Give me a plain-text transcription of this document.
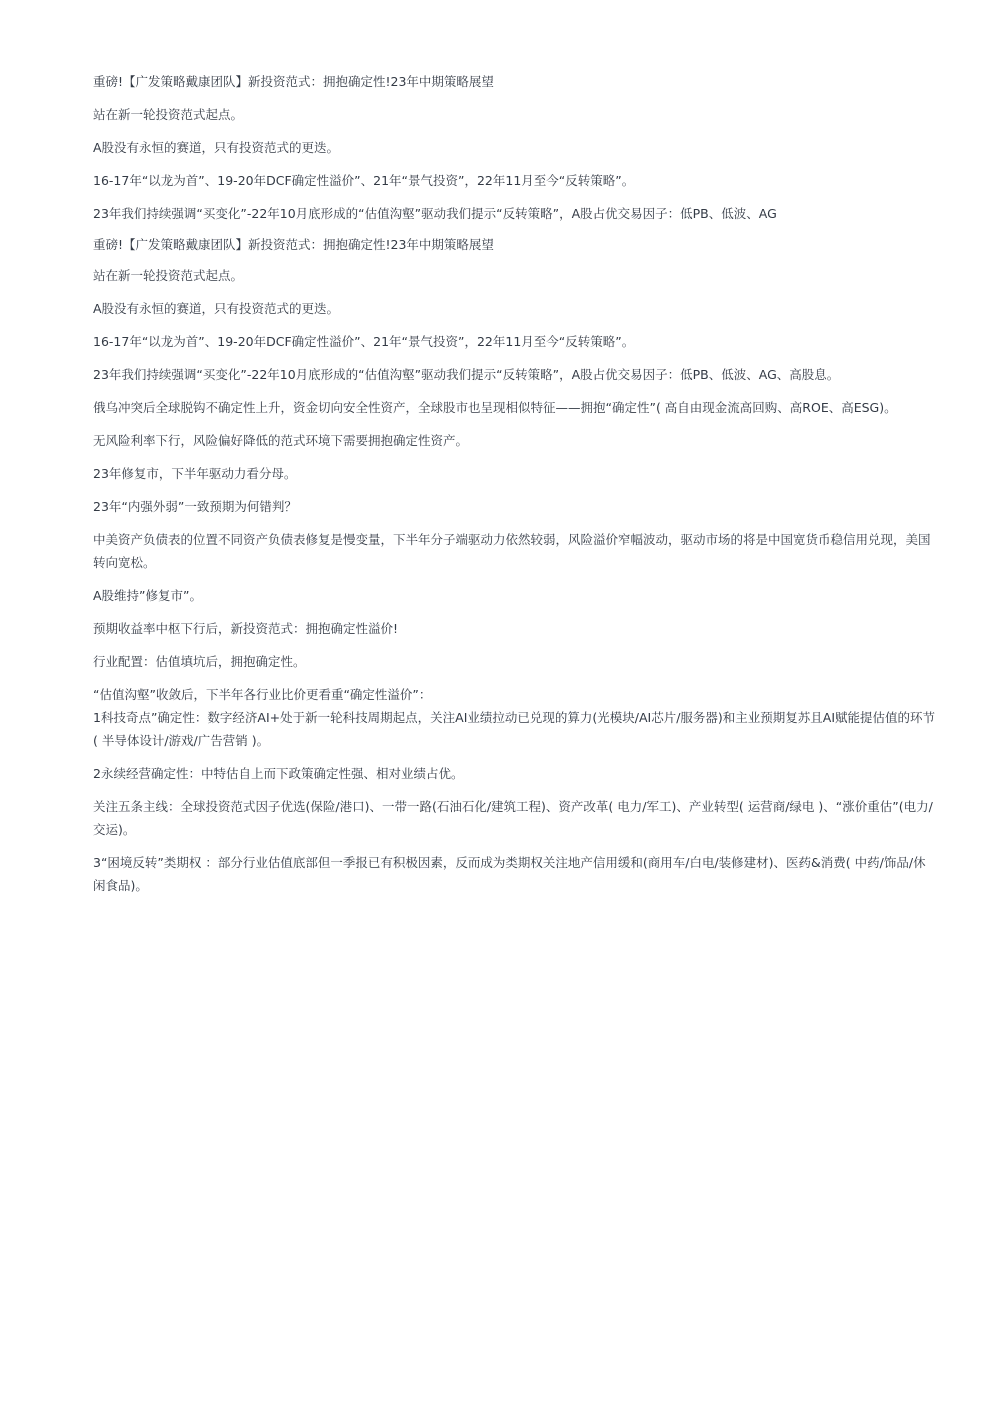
重磅!【广发策略戴康团队】新投资范式：拥抱确定性!23年中期策略展望

站在新一轮投资范式起点。

A股没有永恒的赛道，只有投资范式的更迭。

16-17年“以龙为首”、19-20年DCF确定性溢价”、21年“景气投资”，22年11月至今“反转策略”。

23年我们持续强调“买变化”-22年10月底形成的“估值沟壑”驱动我们提示“反转策略”，A股占优交易因子：低PB、低波、AG

重磅!【广发策略戴康团队】新投资范式：拥抱确定性!23年中期策略展望

站在新一轮投资范式起点。

A股没有永恒的赛道，只有投资范式的更迭。

16-17年“以龙为首”、19-20年DCF确定性溢价”、21年“景气投资”，22年11月至今“反转策略”。

23年我们持续强调“买变化”-22年10月底形成的“估值沟壑”驱动我们提示“反转策略”，A股占优交易因子：低PB、低波、AG、高股息。

俄乌冲突后全球脱钩不确定性上升，资金切向安全性资产，全球股市也呈现相似特征——拥抱“确定性”( 高自由现金流高回购、高ROE、高ESG)。

无风险利率下行，风险偏好降低的范式环境下需要拥抱确定性资产。

23年修复市，下半年驱动力看分母。

23年“内强外弱”一致预期为何错判？

中美资产负债表的位置不同资产负债表修复是慢变量，下半年分子端驱动力依然较弱，风险溢价窄幅波动，驱动市场的将是中国宽货币稳信用兑现，美国转向宽松。

A股维持”修复市”。

预期收益率中枢下行后，新投资范式：拥抱确定性溢价!

行业配置：估值填坑后，拥抱确定性。

“估值沟壑”收敛后，下半年各行业比价更看重“确定性溢价”：

1科技奇点”确定性：数字经济AI+处于新一轮科技周期起点，关注AI业绩拉动已兑现的算力(光模块/AI芯片/服务器)和主业预期复苏且AI赋能提估值的环节( 半导体设计/游戏/广告营销 )。

2永续经营确定性：中特估自上而下政策确定性强、相对业绩占优。

关注五条主线：全球投资范式因子优选(保险/港口)、一带一路(石油石化/建筑工程)、资产改革( 电力/军工)、产业转型( 运营商/绿电 )、“涨价重估”(电力/交运)。

3“困境反转”类期权 ：部分行业估值底部但一季报已有积极因素，反而成为类期权关注地产信用缓和(商用车/白电/装修建材)、医药&消费( 中药/饰品/休闲食品)。
